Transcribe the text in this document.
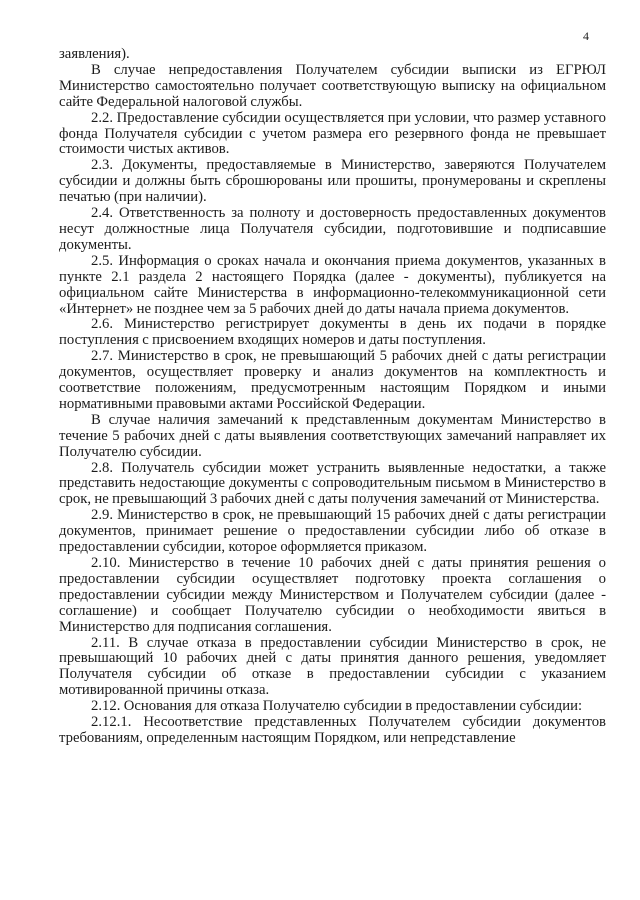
4

заявления).

В случае непредоставления Получателем субсидии выписки из ЕГРЮЛ Министерство самостоятельно получает соответствующую выписку на официальном сайте Федеральной налоговой службы.

2.2. Предоставление субсидии осуществляется при условии, что размер уставного фонда Получателя субсидии с учетом размера его резервного фонда не превышает стоимости чистых активов.

2.3. Документы, предоставляемые в Министерство, заверяются Получателем субсидии и должны быть сброшюрованы или прошиты, пронумерованы и скреплены печатью (при наличии).

2.4. Ответственность за полноту и достоверность предоставленных документов несут должностные лица Получателя субсидии, подготовившие и подписавшие документы.

2.5. Информация о сроках начала и окончания приема документов, указанных в пункте 2.1 раздела 2 настоящего Порядка (далее - документы), публикуется на официальном сайте Министерства в информационно-телекоммуникационной сети «Интернет» не позднее чем за 5 рабочих дней до даты начала приема документов.

2.6. Министерство регистрирует документы в день их подачи в порядке поступления с присвоением входящих номеров и даты поступления.

2.7. Министерство в срок, не превышающий 5 рабочих дней с даты регистрации документов, осуществляет проверку и анализ документов на комплектность и соответствие положениям, предусмотренным настоящим Порядком и иными нормативными правовыми актами Российской Федерации.

В случае наличия замечаний к представленным документам Министерство в течение 5 рабочих дней с даты выявления соответствующих замечаний направляет их Получателю субсидии.

2.8. Получатель субсидии может устранить выявленные недостатки, а также представить недостающие документы с сопроводительным письмом в Министерство в срок, не превышающий 3 рабочих дней с даты получения замечаний от Министерства.

2.9. Министерство в срок, не превышающий 15 рабочих дней с даты регистрации документов, принимает решение о предоставлении субсидии либо об отказе в предоставлении субсидии, которое оформляется приказом.

2.10. Министерство в течение 10 рабочих дней с даты принятия решения о предоставлении субсидии осуществляет подготовку проекта соглашения о предоставлении субсидии между Министерством и Получателем субсидии (далее - соглашение) и сообщает Получателю субсидии о необходимости явиться в Министерство для подписания соглашения.

2.11. В случае отказа в предоставлении субсидии Министерство в срок, не превышающий 10 рабочих дней с даты принятия данного решения, уведомляет Получателя субсидии об отказе в предоставлении субсидии с указанием мотивированной причины отказа.

2.12. Основания для отказа Получателю субсидии в предоставлении субсидии:

2.12.1. Несоответствие представленных Получателем субсидии документов требованиям, определенным настоящим Порядком, или непредставление
